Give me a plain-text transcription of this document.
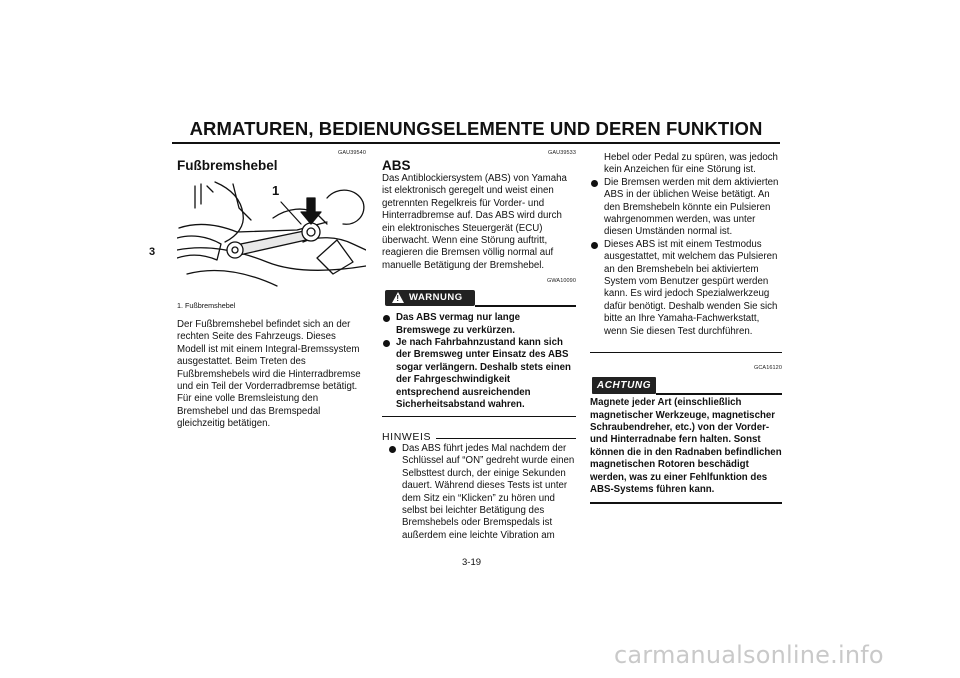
ARMATUREN, BEDIENUNGSELEMENTE UND DEREN FUNKTION
3
GAU39540
Fußbremshebel
1
1. Fußbremshebel
Der Fußbremshebel befindet sich an der rechten Seite des Fahrzeugs. Dieses Modell ist mit einem Integral-Bremssystem ausgestattet. Beim Treten des Fußbremshebels wird die Hinterradbremse und ein Teil der Vorderradbremse betätigt. Für eine volle Bremsleistung den Bremshebel und das Bremspedal gleichzeitig betätigen.
GAU39533
ABS
Das Antiblockiersystem (ABS) von Yamaha ist elektronisch geregelt und weist einen getrennten Regelkreis für Vorder- und Hinterradbremse auf. Das ABS wird durch ein elektronisches Steuergerät (ECU) überwacht. Wenn eine Störung auftritt, reagieren die Bremsen völlig normal auf manuelle Betätigung der Bremshebel.
GWA10090
! WARNUNG
Das ABS vermag nur lange Bremswege zu verkürzen.
Je nach Fahrbahnzustand kann sich der Bremsweg unter Einsatz des ABS sogar verlängern. Deshalb stets einen der Fahrgeschwindigkeit entsprechend ausreichenden Sicherheitsabstand wahren.
HINWEIS
Das ABS führt jedes Mal nachdem der Schlüssel auf “ON” gedreht wurde einen Selbsttest durch, der einige Sekunden dauert. Während dieses Tests ist unter dem Sitz ein “Klicken” zu hören und selbst bei leichter Betätigung des Bremshebels oder Bremspedals ist außerdem eine leichte Vibration am
Hebel oder Pedal zu spüren, was jedoch kein Anzeichen für eine Störung ist.
Die Bremsen werden mit dem aktivierten ABS in der üblichen Weise betätigt. An den Bremshebeln könnte ein Pulsieren wahrgenommen werden, was unter diesen Umständen normal ist.
Dieses ABS ist mit einem Testmodus ausgestattet, mit welchem das Pulsieren an den Bremshebeln bei aktiviertem System vom Benutzer gespürt werden kann. Es wird jedoch Spezialwerkzeug dafür benötigt. Deshalb wenden Sie sich bitte an Ihre Yamaha-Fachwerkstatt, wenn Sie diesen Test durchführen.
GCA16120
ACHTUNG
Magnete jeder Art (einschließlich magnetischer Werkzeuge, magnetischer Schraubendreher, etc.) von der Vorder- und Hinterradnabe fern halten. Sonst können die in den Radnaben befindlichen magnetischen Rotoren beschädigt werden, was zu einer Fehlfunktion des ABS-Systems führen kann.
3-19
carmanualsonline.info
